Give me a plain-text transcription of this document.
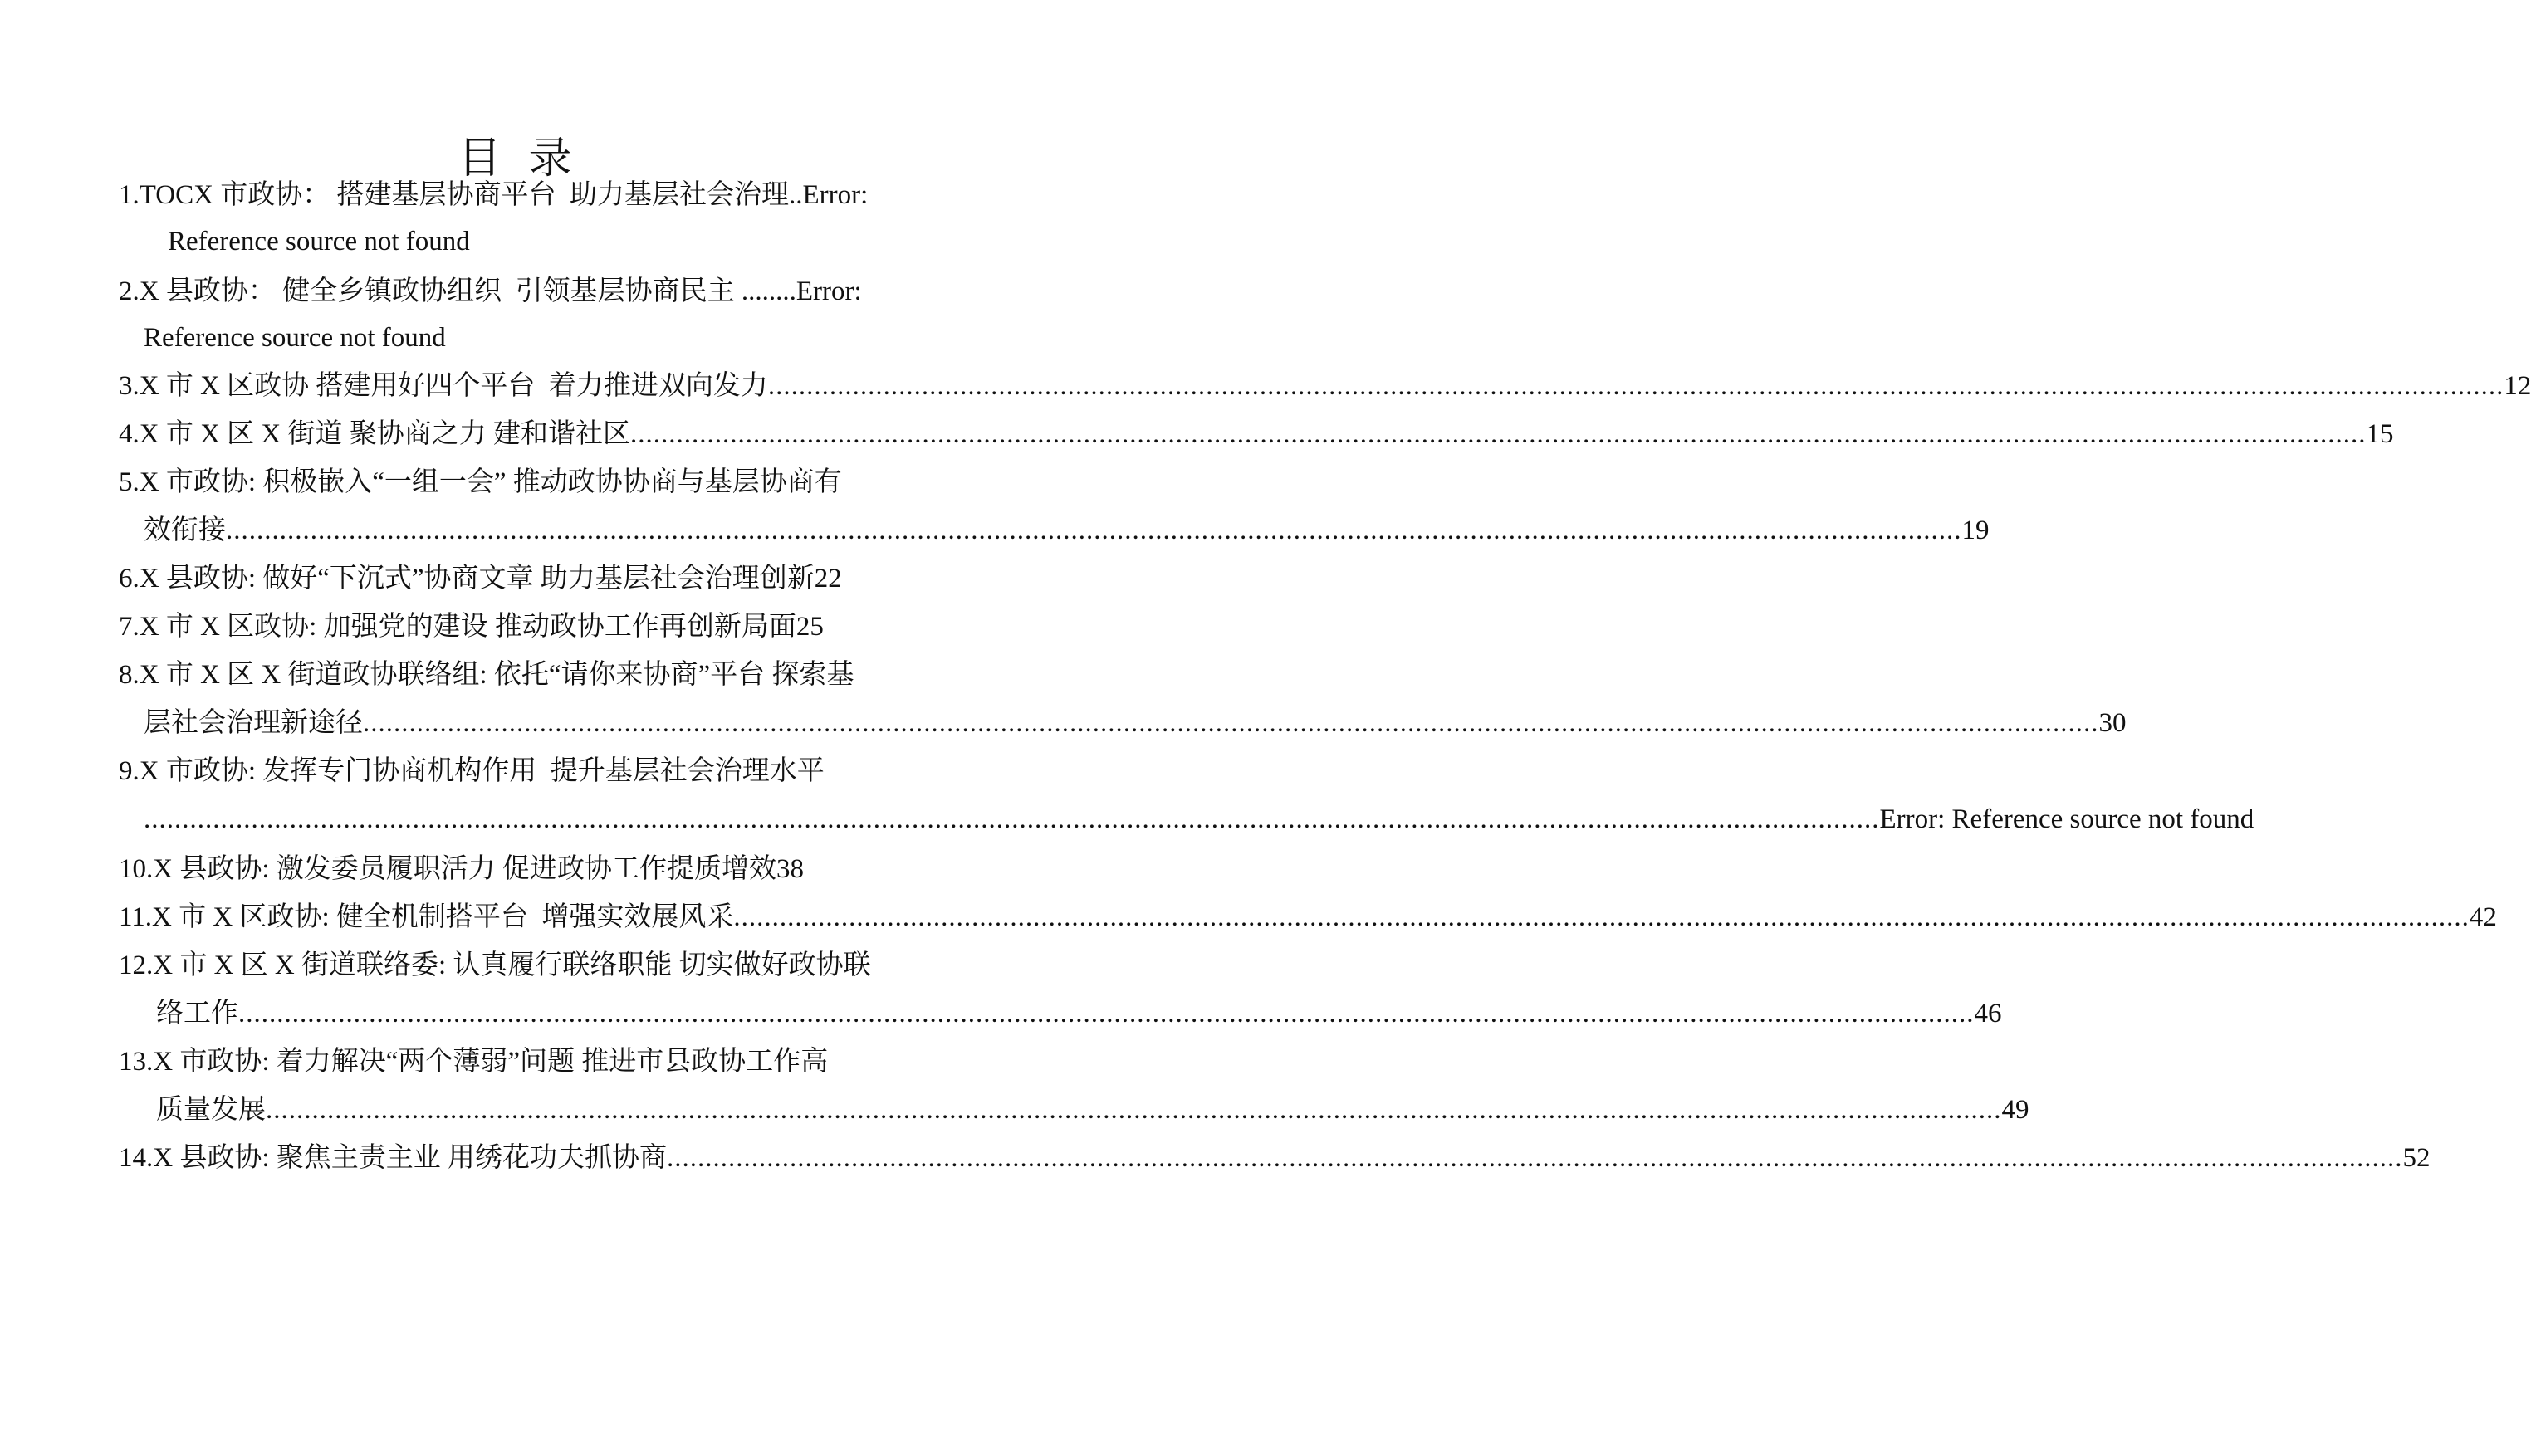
目 录
1.TOCX 市政协： 搭建基层协商平台  助力基层社会治理..Error:
Reference source not found
2.X 县政协： 健全乡镇政协组织  引领基层协商民主 ........Error:
Reference source not found
3. X 市 X 区政协 搭建用好四个平台  着力推进双向发力 .....	12
4. X 市 X 区 X 街道 聚协商之力 建和谐社区 .....	15
5.X 市政协: 积极嵌入“一组一会” 推动政协协商与基层协商有
效衔接 .....	19
6.X 县政协: 做好“下沉式”协商文章 助力基层社会治理创新22
7. X 市 X 区政协: 加强党的建设 推动政协工作再创新局面 25
8.X 市 X 区 X 街道政协联络组: 依托“请你来协商”平台 探索基
层社会治理新途径 .....	30
9.X 市政协: 发挥专门协商机构作用  提升基层社会治理水平
.....
Error: Reference source not found
10. X 县政协: 激发委员履职活力 促进政协工作提质增效 38
11. X 市 X 区政协: 健全机制搭平台  增强实效展风采 .....	42
12.X 市 X 区 X 街道联络委: 认真履行联络职能 切实做好政协联
络工作 .....	46
13.X 市政协: 着力解决“两个薄弱”问题 推进市县政协工作高
质量发展 .....	49
14. X 县政协: 聚焦主责主业 用绣花功夫抓协商 .....	52
